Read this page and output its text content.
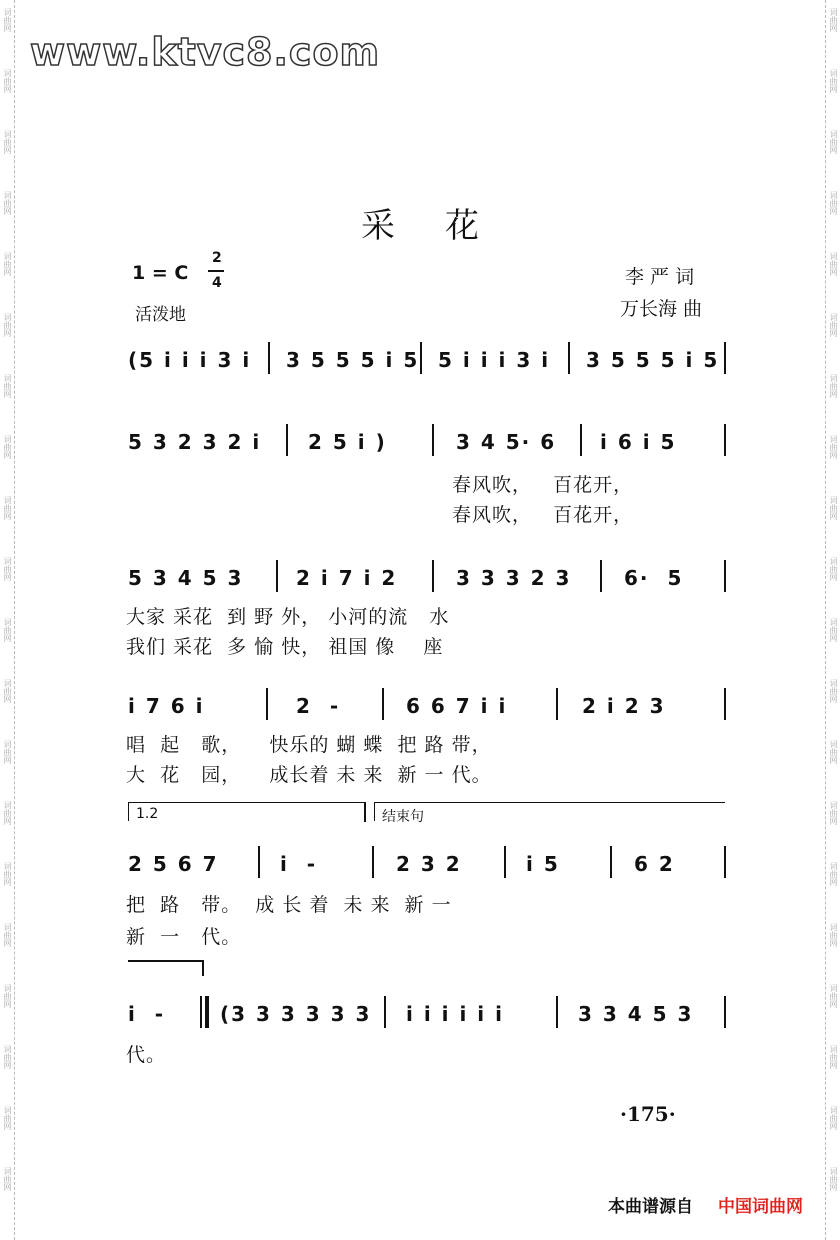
词曲网
词曲网
词曲网
词曲网
词曲网
词曲网
词曲网
词曲网
词曲网
词曲网
词曲网
词曲网
词曲网
词曲网
词曲网
词曲网
词曲网
词曲网
词曲网
词曲网
词曲网
词曲网
词曲网
词曲网
词曲网
词曲网
词曲网
词曲网
词曲网
词曲网
词曲网
词曲网
词曲网
词曲网
词曲网
词曲网
词曲网
词曲网
词曲网
词曲网
www.ktvc8.com
采花
1 = C
2
4
活泼地
李 严 词
万长海 曲
(5 i i i 3 i 3 5 5 5 i 5 5 i i i 3 i 3 5 5 5 i 5
5 3 2 3 2 i 2 5 i )	3 4 5· 6 i 6 i 5
春风吹，   百花开，
春风吹，   百花开，
5 3 4 5 3	2 i 7 i 2	3 3 3 2 3	6·  5
大家 采花  到 野 外， 小河的流   水
我们 采花  多 愉 快， 祖国 像    座
i 7 6 i	2  -	6 6 7 i i	2 i 2 3
唱  起   歌，    快乐的 蝴 蝶  把 路 带，
大  花   园，    成长着 未 来  新 一 代。
1.2	结束句
2 5 6 7	i  -	2 3 2	i 5	6 2
把  路   带。  成 长 着  未 来  新 一
新  一   代。
i  -	(3 3 3 3 3 3 i i i i i i	3 3 4 5 3
代。
·175·
本曲谱源自 中国词曲网
